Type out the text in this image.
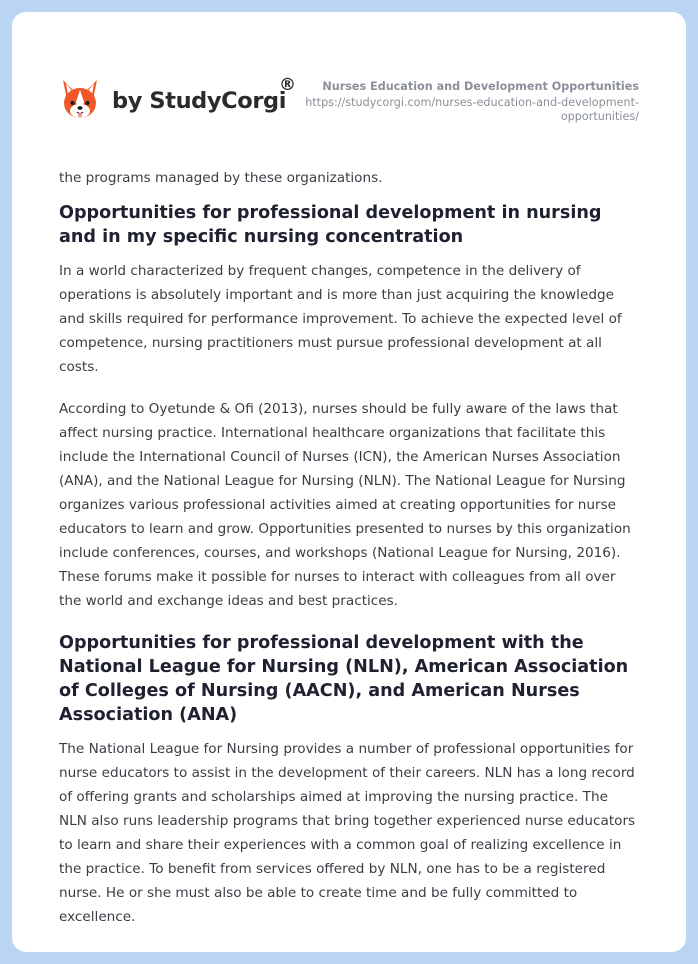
by StudyCorgi
®	Nurses Education and Development Opportunities
https://studycorgi.com/nurses-education-and-development-opportunities/

the programs managed by these organizations.

Opportunities for professional development in nursing and in my specific nursing concentration

In a world characterized by frequent changes, competence in the delivery of operations is absolutely important and is more than just acquiring the knowledge and skills required for performance improvement. To achieve the expected level of competence, nursing practitioners must pursue professional development at all costs.

According to Oyetunde & Ofi (2013), nurses should be fully aware of the laws that affect nursing practice. International healthcare organizations that facilitate this include the International Council of Nurses (ICN), the American Nurses Association (ANA), and the National League for Nursing (NLN). The National League for Nursing organizes various professional activities aimed at creating opportunities for nurse educators to learn and grow. Opportunities presented to nurses by this organization include conferences, courses, and workshops (National League for Nursing, 2016). These forums make it possible for nurses to interact with colleagues from all over the world and exchange ideas and best practices.

Opportunities for professional development with the National League for Nursing (NLN), American Association of Colleges of Nursing (AACN), and American Nurses Association (ANA)

The National League for Nursing provides a number of professional opportunities for nurse educators to assist in the development of their careers. NLN has a long record of offering grants and scholarships aimed at improving the nursing practice. The NLN also runs leadership programs that bring together experienced nurse educators to learn and share their experiences with a common goal of realizing excellence in the practice. To benefit from services offered by NLN, one has to be a registered nurse. He or she must also be able to create time and be fully committed to excellence.
